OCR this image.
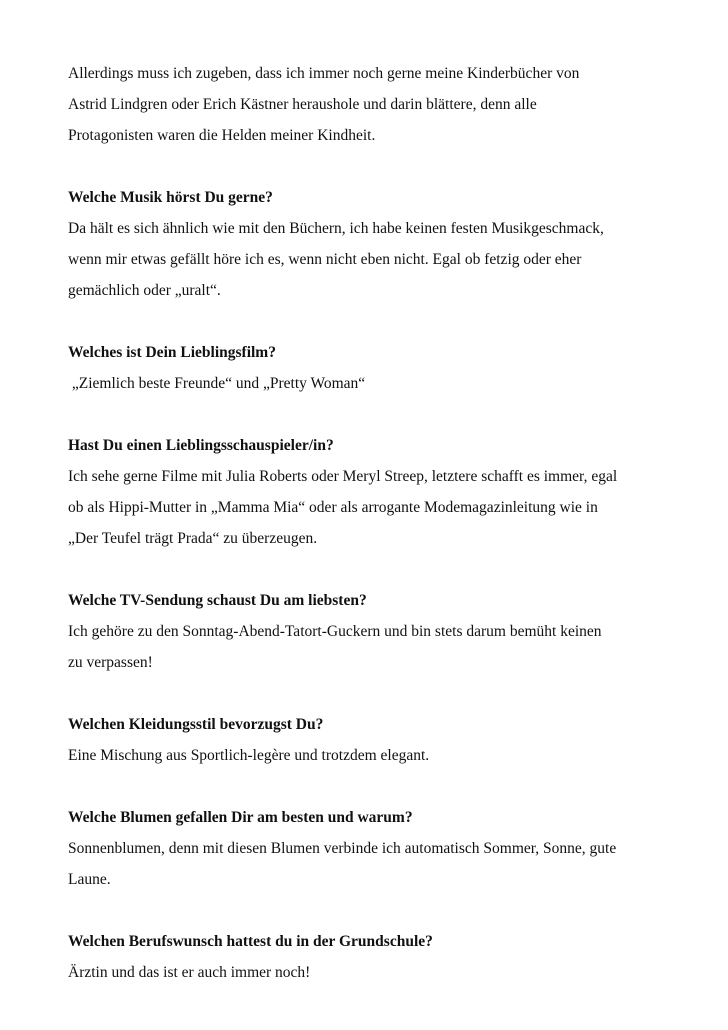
Allerdings muss ich zugeben, dass ich immer noch gerne meine Kinderbücher von
Astrid Lindgren oder Erich Kästner heraushole und darin blättere, denn alle
Protagonisten waren die Helden meiner Kindheit.
Welche Musik hörst Du gerne?
Da hält es sich ähnlich wie mit den Büchern, ich habe keinen festen Musikgeschmack,
wenn mir etwas gefällt höre ich es, wenn nicht eben nicht. Egal ob fetzig oder eher
gemächlich oder „uralt“.
Welches ist Dein Lieblingsfilm?
„Ziemlich beste Freunde“ und „Pretty Woman“
Hast Du einen Lieblingsschauspieler/in?
Ich sehe gerne Filme mit Julia Roberts oder Meryl Streep, letztere schafft es immer, egal
ob als Hippi-Mutter in „Mamma Mia“ oder als arrogante Modemagazinleitung wie in
„Der Teufel trägt Prada“ zu überzeugen.
Welche TV-Sendung schaust Du am liebsten?
Ich gehöre zu den Sonntag-Abend-Tatort-Guckern und bin stets darum bemüht keinen
zu verpassen!
Welchen Kleidungsstil bevorzugst Du?
Eine Mischung aus Sportlich-legère und trotzdem elegant.
Welche Blumen gefallen Dir am besten und warum?
Sonnenblumen, denn mit diesen Blumen verbinde ich automatisch Sommer, Sonne, gute
Laune.
Welchen Berufswunsch hattest du in der Grundschule?
Ärztin und das ist er auch immer noch!
